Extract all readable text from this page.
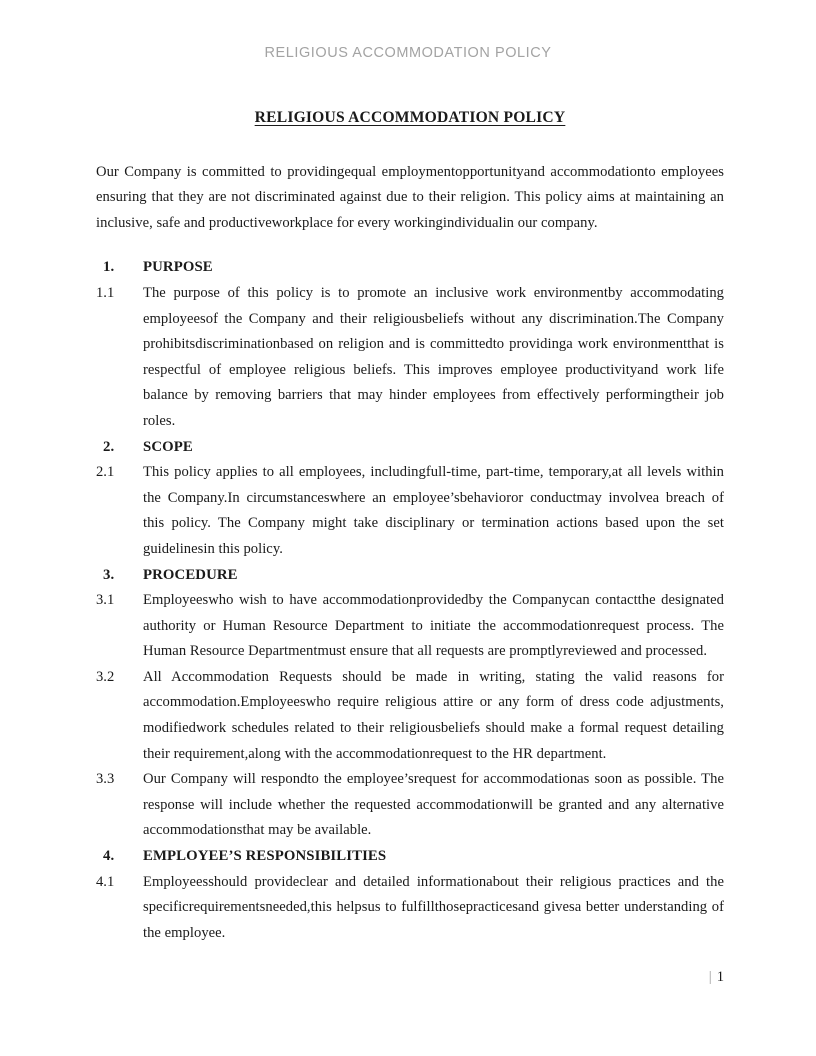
RELIGIOUS ACCOMMODATION POLICY
RELIGIOUS ACCOMMODATION POLICY

Our Company is committed to providingequal employmentopportunityand accommodationto employees ensuring that they are not discriminated against due to their religion. This policy aims at maintaining an inclusive, safe and productiveworkplace for every workingindividualin our company.

1.	PURPOSE
1.1	The purpose of this policy is to promote an inclusive work environmentby accommodating employeesof the Company and their religiousbeliefs without any discrimination.The Company prohibitsdiscriminationbased on religion and is committedto providinga work environmentthat is respectful of employee religious beliefs. This improves employee productivityand work life balance by removing barriers that may hinder employees from effectively performingtheir job roles.
2.	SCOPE
2.1	This policy applies to all employees, includingfull-time, part-time, temporary,at all levels within the Company.In circumstanceswhere an employee’sbehavioror conductmay involvea breach of this policy. The Company might take disciplinary or termination actions based upon the set guidelinesin this policy.
3.	PROCEDURE
3.1	Employeeswho wish to have accommodationprovidedby the Companycan contactthe designated authority or Human Resource Department to initiate the accommodationrequest process. The Human Resource Departmentmust ensure that all requests are promptlyreviewed and processed.
3.2	All Accommodation Requests should be made in writing, stating the valid reasons for accommodation.Employeeswho require religious attire or any form of dress code adjustments, modifiedwork schedules related to their religiousbeliefs should make a formal request detailing their requirement,along with the accommodationrequest to the HR department.
3.3	Our Company will respondto the employee’srequest for accommodationas soon as possible. The response will include whether the requested accommodationwill be granted and any alternative accommodationsthat may be available.
4.	EMPLOYEE’S RESPONSIBILITIES
4.1	Employeesshould provideclear and detailed informationabout their religious practices and the specificrequirementsneeded,this helpsus to fulfillthosepracticesand givesa better understanding of the employee.
| 1
